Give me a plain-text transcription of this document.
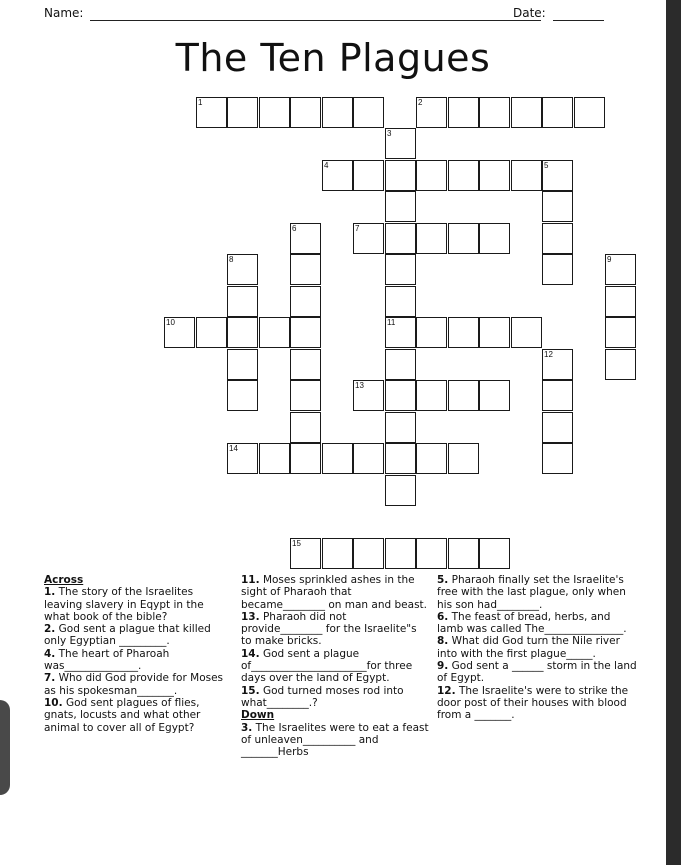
Name:	Date:
The Ten Plagues
1	2
3
4	5
6	7
8	9
10	11
12
13
14
15

Across

1. The story of the Israelites leaving slavery in Eqypt in the what book of the bible?

2. God sent a plague that killed only Egyptian _________.

4. The heart of Pharoah was______________.

7. Who did God provide for Moses as his spokesman_______.

10. God sent plagues of flies, gnats, locusts and what other animal to cover all of Egypt?

11. Moses sprinkled ashes in the sight of Pharaoh that became________ on man and beast.

13. Pharaoh did not provide________ for the Israelite"s to make bricks.

14. God sent a plague of______________________for three days over the land of Egypt.

15. God turned moses rod into what________.?

Down

3. The Israelites were to eat a feast of unleaven__________ and _______Herbs

5. Pharaoh finally set the Israelite's free with the last plague, only when his son had________.

6. The feast of bread, herbs, and lamb was called The_______________.

8. What did God turn the Nile river into with the first plague_____.

9. God sent a ______ storm in the land of Egypt.

12. The Israelite's were to strike the door post of their houses with blood from a _______.
